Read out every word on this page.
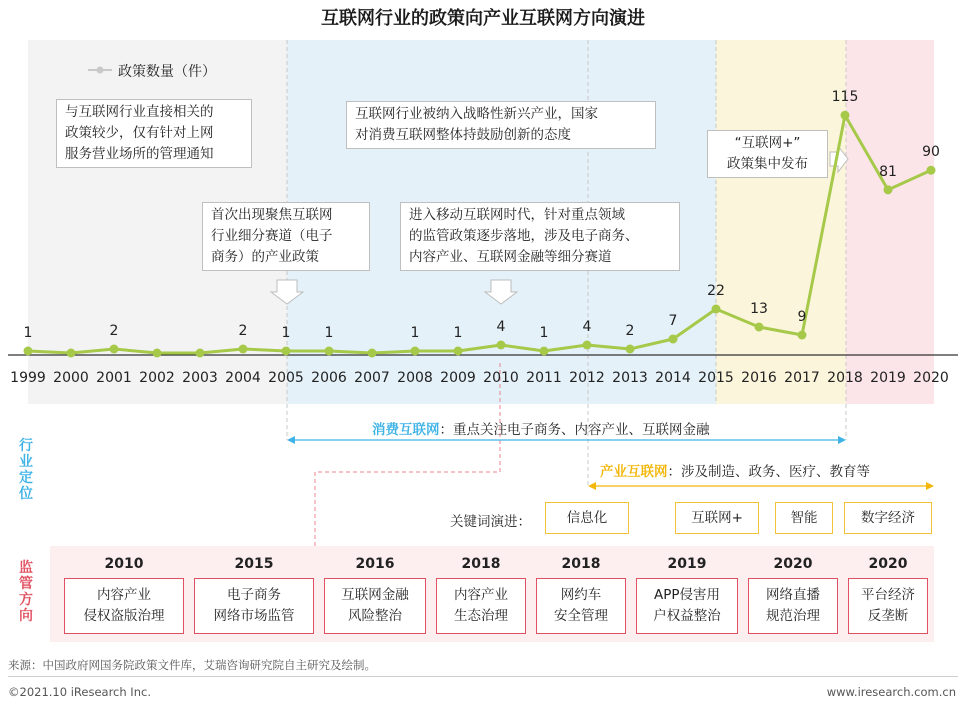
互联网行业的政策向产业互联网方向演进
1999 2000 2001 2002 2003 2004 2005 2006 2007 2008 2009 2010 2011 2012 2013 2014 2015 2016 2017 2018 2019 2020
1	2	2 1 1	1 1 4 1 4 2
7
22
13 9
115
81
90
政策数量（件）
与互联网行业直接相关的
政策较少，仅有针对上网
服务营业场所的管理通知
首次出现聚焦互联网
行业细分赛道（电子
商务）的产业政策
互联网行业被纳入战略性新兴产业，国家
对消费互联网整体持鼓励创新的态度
进入移动互联网时代，针对重点领域
的监管政策逐步落地，涉及电子商务、
内容产业、互联网金融等细分赛道
“互联网+”
政策集中发布
行业定位
消费互联网：重点关注电子商务、内容产业、互联网金融
产业互联网：涉及制造、政务、医疗、教育等
关键词演进：	信息化	互联网+	智能	数字经济
监管方向
2010
内容产业
侵权盗版治理
2015
电子商务
网络市场监管
2016
互联网金融
风险整治
2018
内容产业
生态治理
2018
网约车
安全管理
2019
APP侵害用
户权益整治
2020
网络直播
规范治理
2020
平台经济
反垄断
来源：中国政府网国务院政策文件库，艾瑞咨询研究院自主研究及绘制。
©2021.10 iResearch Inc.	www.iresearch.com.cn
